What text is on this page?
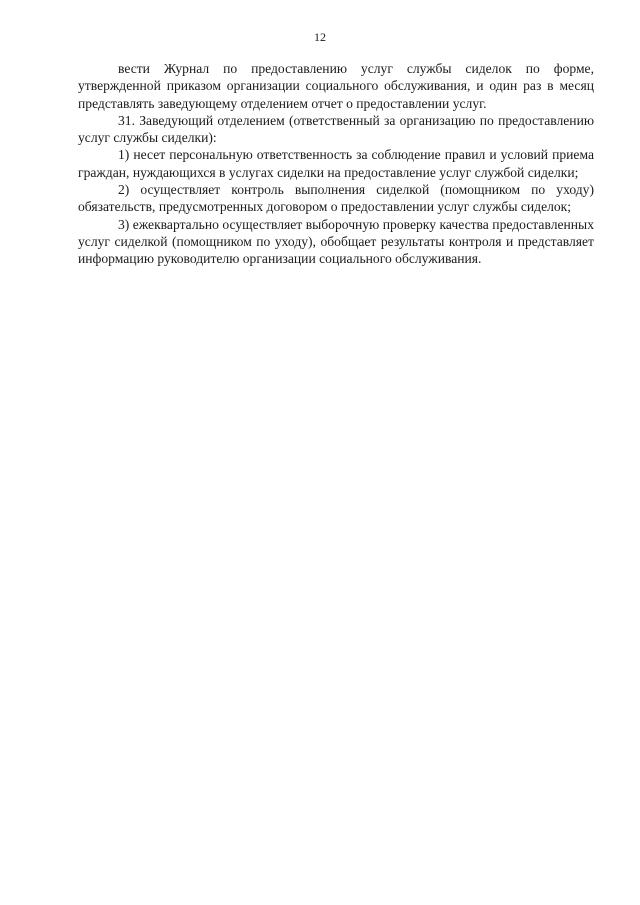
12

вести Журнал по предоставлению услуг службы сиделок по форме, утвержденной приказом организации социального обслуживания, и один раз в месяц представлять заведующему отделением отчет о предоставлении услуг.

31. Заведующий отделением (ответственный за организацию по предоставлению услуг службы сиделки):

1) несет персональную ответственность за соблюдение правил и условий приема граждан, нуждающихся в услугах сиделки на предоставление услуг службой сиделки;

2) осуществляет контроль выполнения сиделкой (помощником по уходу) обязательств, предусмотренных договором о предоставлении услуг службы сиделок;

3) ежеквартально осуществляет выборочную проверку качества предоставленных услуг сиделкой (помощником по уходу), обобщает результаты контроля и представляет информацию руководителю организации социального обслуживания.
